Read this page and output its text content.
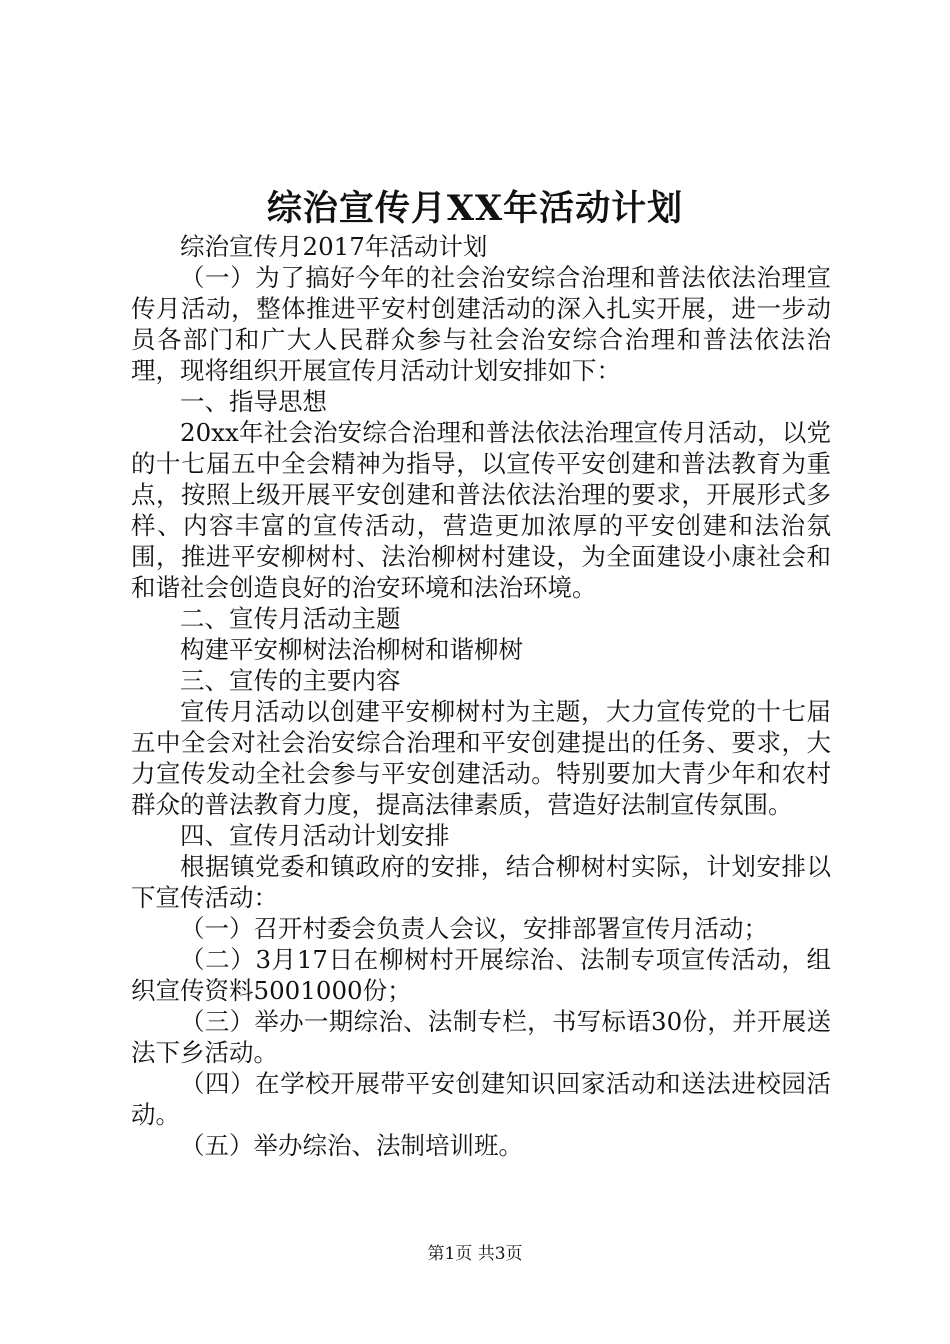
综治宣传月XX年活动计划

综治宣传月2017年活动计划

（一）为了搞好今年的社会治安综合治理和普法依法治理宣传月活动，整体推进平安村创建活动的深入扎实开展，进一步动员各部门和广大人民群众参与社会治安综合治理和普法依法治理，现将组织开展宣传月活动计划安排如下：

一、指导思想

20xx年社会治安综合治理和普法依法治理宣传月活动，以党的十七届五中全会精神为指导，以宣传平安创建和普法教育为重点，按照上级开展平安创建和普法依法治理的要求，开展形式多样、内容丰富的宣传活动，营造更加浓厚的平安创建和法治氛围，推进平安柳树村、法治柳树村建设，为全面建设小康社会和和谐社会创造良好的治安环境和法治环境。

二、宣传月活动主题

构建平安柳树法治柳树和谐柳树

三、宣传的主要内容

宣传月活动以创建平安柳树村为主题，大力宣传党的十七届五中全会对社会治安综合治理和平安创建提出的任务、要求，大力宣传发动全社会参与平安创建活动。特别要加大青少年和农村群众的普法教育力度，提高法律素质，营造好法制宣传氛围。

四、宣传月活动计划安排

根据镇党委和镇政府的安排，结合柳树村实际，计划安排以下宣传活动：

（一）召开村委会负责人会议，安排部署宣传月活动；

（二）3月17日在柳树村开展综治、法制专项宣传活动，组织宣传资料5001000份；

（三）举办一期综治、法制专栏，书写标语30份，并开展送法下乡活动。

（四）在学校开展带平安创建知识回家活动和送法进校园活动。

（五）举办综治、法制培训班。

第1页 共3页
